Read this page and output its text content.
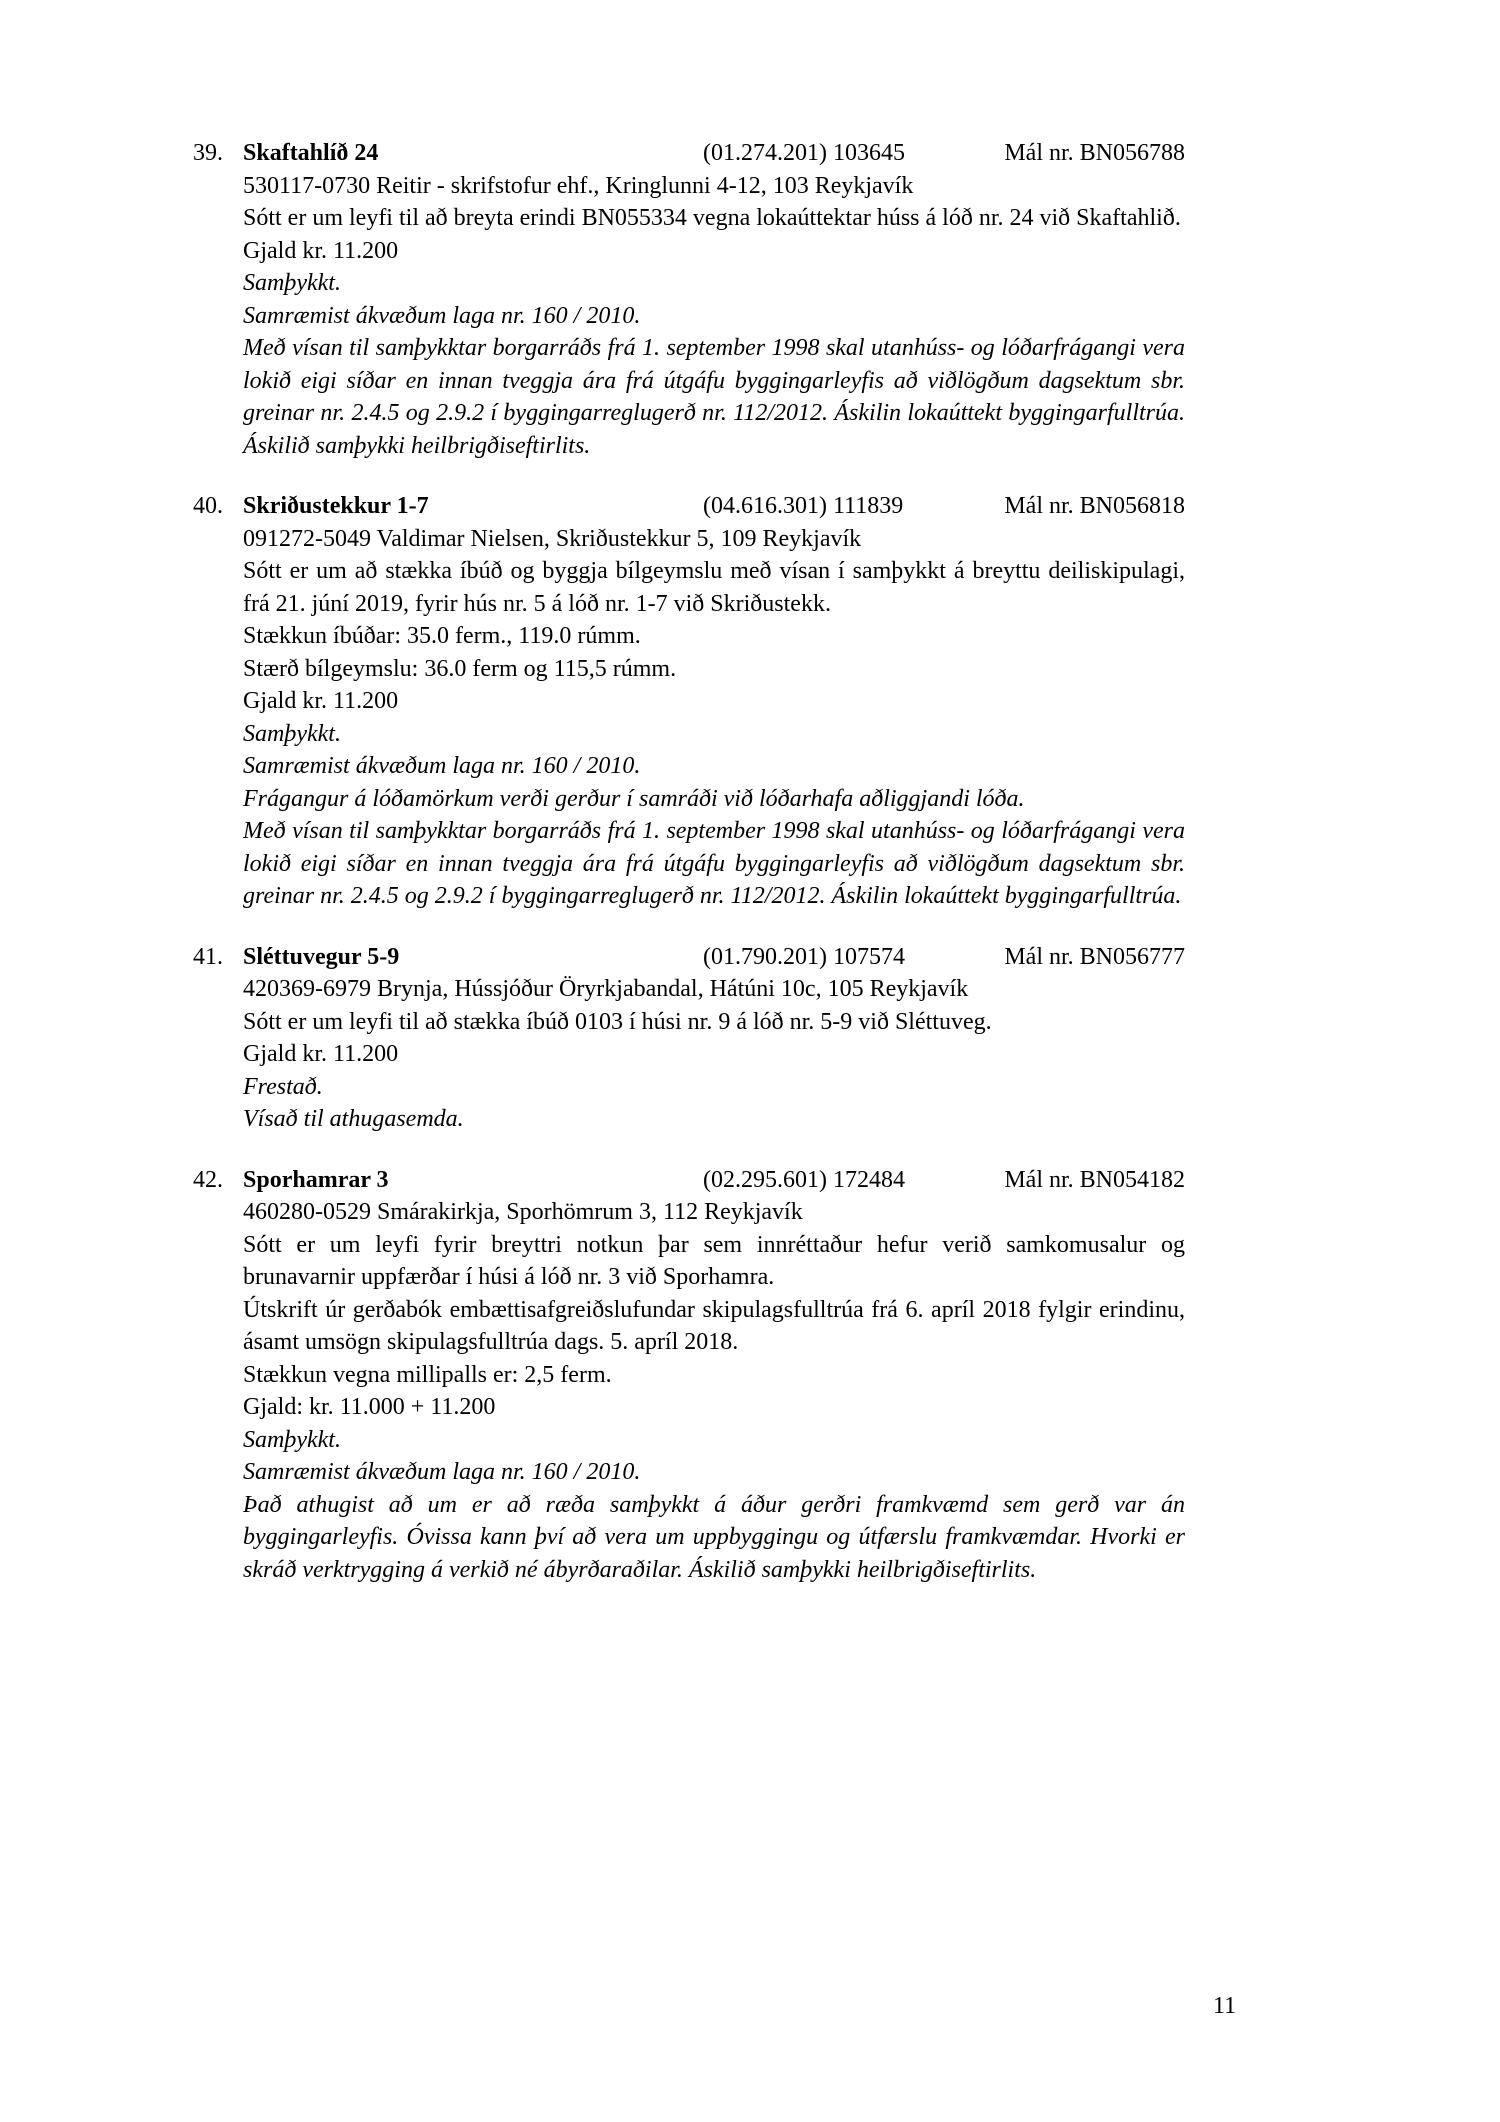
39. Skaftahlíð 24	(01.274.201) 103645	Mál nr. BN056788

530117-0730 Reitir - skrifstofur ehf., Kringlunni 4-12, 103 Reykjavík

Sótt er um leyfi til að breyta erindi BN055334 vegna lokaúttektar húss á lóð nr. 24 við Skaftahlið.

Gjald kr. 11.200

Samþykkt.

Samræmist ákvæðum laga nr. 160 / 2010.

Með vísan til samþykktar borgarráðs frá 1. september 1998 skal utanhúss- og lóðarfrágangi vera lokið eigi síðar en innan tveggja ára frá útgáfu byggingarleyfis að viðlögðum dagsektum sbr. greinar nr. 2.4.5 og 2.9.2 í byggingarreglugerð nr. 112/2012. Áskilin lokaúttekt byggingarfulltrúa. Áskilið samþykki heilbrigðiseftirlits.

40. Skriðustekkur 1-7	(04.616.301) 111839	Mál nr. BN056818

091272-5049 Valdimar Nielsen, Skriðustekkur 5, 109 Reykjavík

Sótt er um að stækka íbúð og byggja bílgeymslu með vísan í samþykkt á breyttu deiliskipulagi, frá 21. júní 2019, fyrir hús nr. 5 á lóð nr. 1-7 við Skriðustekk.

Stækkun íbúðar: 35.0 ferm., 119.0 rúmm.

Stærð bílgeymslu: 36.0 ferm og 115,5 rúmm.

Gjald kr. 11.200

Samþykkt.

Samræmist ákvæðum laga nr. 160 / 2010.

Frágangur á lóðamörkum verði gerður í samráði við lóðarhafa aðliggjandi lóða.

Með vísan til samþykktar borgarráðs frá 1. september 1998 skal utanhúss- og lóðarfrágangi vera lokið eigi síðar en innan tveggja ára frá útgáfu byggingarleyfis að viðlögðum dagsektum sbr. greinar nr. 2.4.5 og 2.9.2 í byggingarreglugerð nr. 112/2012. Áskilin lokaúttekt byggingarfulltrúa.

41. Sléttuvegur 5-9	(01.790.201) 107574	Mál nr. BN056777

420369-6979 Brynja, Hússjóður Öryrkjabandal, Hátúni 10c, 105 Reykjavík

Sótt er um leyfi til að stækka íbúð 0103 í húsi nr. 9 á lóð nr. 5-9 við Sléttuveg.

Gjald kr. 11.200

Frestað.

Vísað til athugasemda.

42. Sporhamrar 3	(02.295.601) 172484	Mál nr. BN054182

460280-0529 Smárakirkja, Sporhömrum 3, 112 Reykjavík

Sótt er um leyfi fyrir breyttri notkun þar sem innréttaður hefur verið samkomusalur og brunavarnir uppfærðar í húsi á lóð nr. 3 við Sporhamra.

Útskrift úr gerðabók embættisafgreiðslufundar skipulagsfulltrúa frá 6. apríl 2018 fylgir erindinu, ásamt umsögn skipulagsfulltrúa dags. 5. apríl 2018.

Stækkun vegna millipalls er: 2,5 ferm.

Gjald: kr. 11.000 + 11.200

Samþykkt.

Samræmist ákvæðum laga nr. 160 / 2010.

Það athugist að um er að ræða samþykkt á áður gerðri framkvæmd sem gerð var án byggingarleyfis. Óvissa kann því að vera um uppbyggingu og útfærslu framkvæmdar. Hvorki er skráð verktrygging á verkið né ábyrðaraðilar. Áskilið samþykki heilbrigðiseftirlits.

11
